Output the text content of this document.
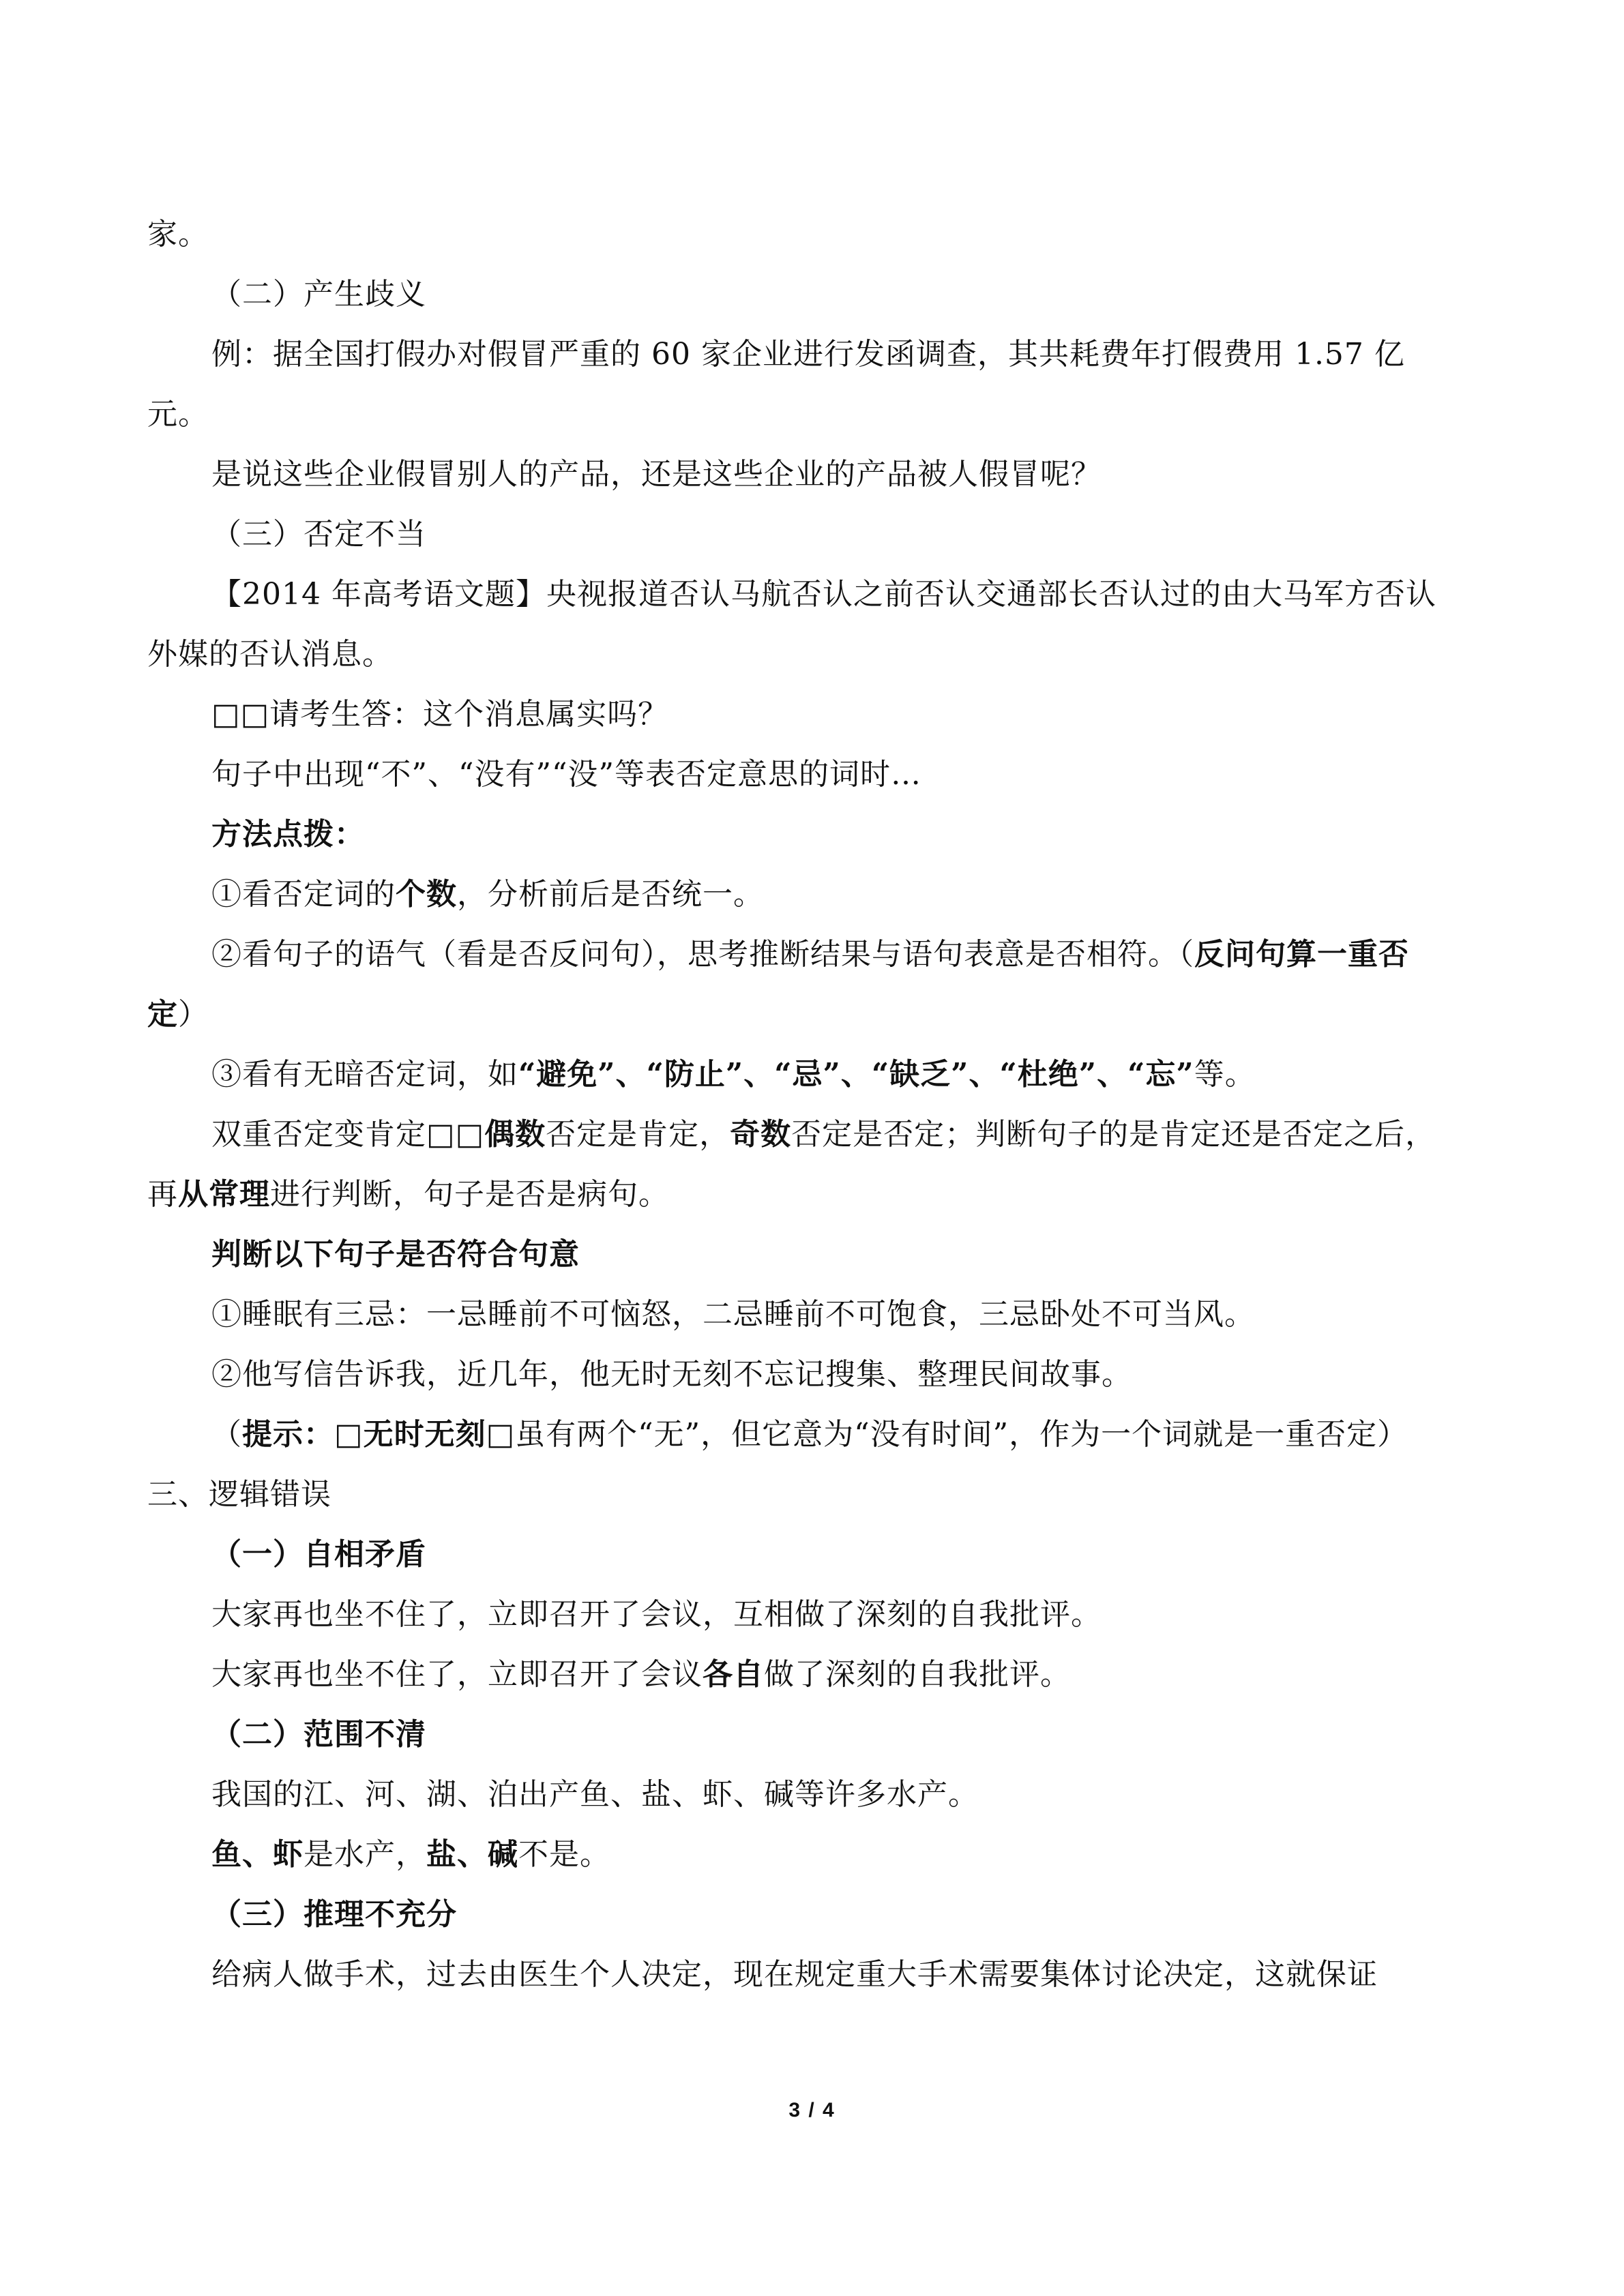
家。

（二）产生歧义

例：据全国打假办对假冒严重的 60 家企业进行发函调查，其共耗费年打假费用 1.57 亿元。

是说这些企业假冒别人的产品，还是这些企业的产品被人假冒呢？

（三）否定不当

【2014 年高考语文题】央视报道否认马航否认之前否认交通部长否认过的由大马军方否认外媒的否认消息。

□□请考生答：这个消息属实吗？

句子中出现“不”、“没有”“没”等表否定意思的词时…

方法点拨：

①看否定词的个数，分析前后是否统一。

②看句子的语气（看是否反问句），思考推断结果与语句表意是否相符。（反问句算一重否定）

③看有无暗否定词，如“避免”、“防止”、“忌”、“缺乏”、“杜绝”、“忘”等。

双重否定变肯定□□偶数否定是肯定，奇数否定是否定；判断句子的是肯定还是否定之后，再从常理进行判断，句子是否是病句。

判断以下句子是否符合句意

①睡眠有三忌：一忌睡前不可恼怒，二忌睡前不可饱食，三忌卧处不可当风。

②他写信告诉我，近几年，他无时无刻不忘记搜集、整理民间故事。

（提示：□无时无刻□虽有两个“无”，但它意为“没有时间”，作为一个词就是一重否定）

三、逻辑错误

（一）自相矛盾

大家再也坐不住了，立即召开了会议，互相做了深刻的自我批评。

大家再也坐不住了，立即召开了会议各自做了深刻的自我批评。

（二）范围不清

我国的江、河、湖、泊出产鱼、盐、虾、碱等许多水产。

鱼、虾是水产，盐、碱不是。

（三）推理不充分

给病人做手术，过去由医生个人决定，现在规定重大手术需要集体讨论决定，这就保证

3 / 4
